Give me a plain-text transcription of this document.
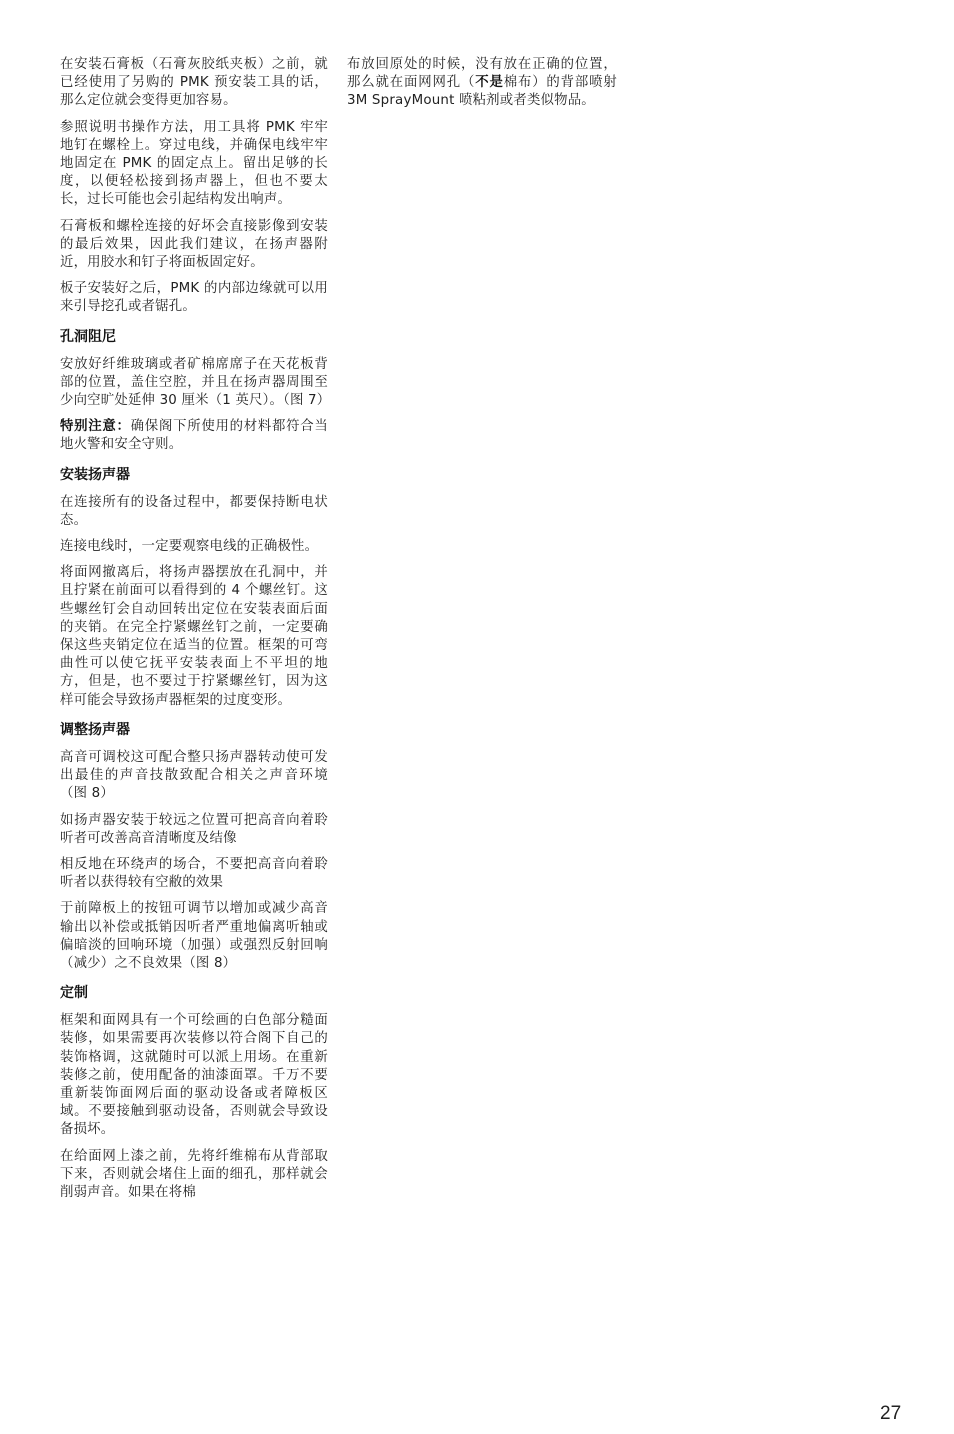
在安装石膏板（石膏灰胶纸夹板）之前，就已经使用了另购的 PMK 预安装工具的话，那么定位就会变得更加容易。

参照说明书操作方法，用工具将 PMK 牢牢地钉在螺栓上。穿过电线，并确保电线牢牢地固定在 PMK 的固定点上。留出足够的长度，以便轻松接到扬声器上，但也不要太长，过长可能也会引起结构发出响声。

石膏板和螺栓连接的好坏会直接影像到安装的最后效果，因此我们建议，在扬声器附近，用胶水和钉子将面板固定好。

板子安装好之后，PMK 的内部边缘就可以用来引导挖孔或者锯孔。

孔洞阻尼

安放好纤维玻璃或者矿棉席席子在天花板背部的位置，盖住空腔，并且在扬声器周围至少向空旷处延伸 30 厘米（1 英尺）。（图 7）

特别注意：确保阁下所使用的材料都符合当地火警和安全守则。

安装扬声器

在连接所有的设备过程中，都要保持断电状态。

连接电线时，一定要观察电线的正确极性。

将面网撤离后，将扬声器摆放在孔洞中，并且拧紧在前面可以看得到的 4 个螺丝钉。这些螺丝钉会自动回转出定位在安装表面后面的夹销。在完全拧紧螺丝钉之前，一定要确保这些夹销定位在适当的位置。框架的可弯曲性可以使它抚平安装表面上不平坦的地方，但是，也不要过于拧紧螺丝钉，因为这样可能会导致扬声器框架的过度变形。

调整扬声器

高音可调校这可配合整只扬声器转动使可发出最佳的声音技散致配合相关之声音环境（图 8）

如扬声器安装于较远之位置可把高音向着聆听者可改善高音清晰度及结像

相反地在环绕声的场合，不要把高音向着聆听者以获得较有空敝的效果

于前障板上的按钮可调节以增加或减少高音输出以补偿或抵销因听者严重地偏离听轴或偏暗淡的回响环境（加强）或强烈反射回响（减少）之不良效果（图 8）

定制

框架和面网具有一个可绘画的白色部分糙面装修，如果需要再次装修以符合阁下自己的装饰格调，这就随时可以派上用场。在重新装修之前，使用配备的油漆面罩。千万不要重新装饰面网后面的驱动设备或者障板区域。不要接触到驱动设备，否则就会导致设备损坏。

在给面网上漆之前，先将纤维棉布从背部取下来，否则就会堵住上面的细孔，那样就会削弱声音。如果在将棉

布放回原处的时候，没有放在正确的位置，那么就在面网网孔（不是棉布）的背部喷射 3M SprayMount 喷粘剂或者类似物品。

27
